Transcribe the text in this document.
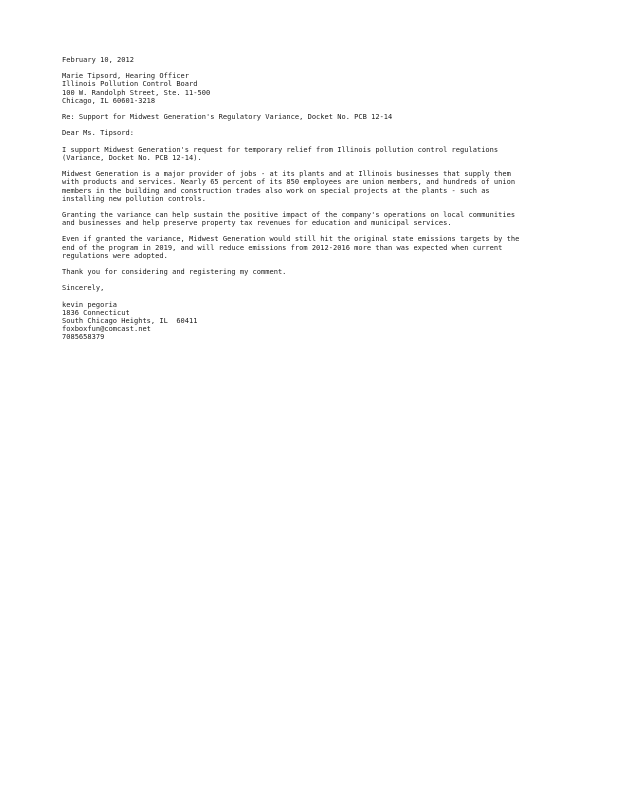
February 10, 2012
Marie Tipsord, Hearing Officer
Illinois Pollution Control Board
100 W. Randolph Street, Ste. 11-500
Chicago, IL 60601-3218
Re: Support for Midwest Generation's Regulatory Variance, Docket No. PCB 12-14
Dear Ms. Tipsord:
I support Midwest Generation's request for temporary relief from Illinois pollution control regulations
(Variance, Docket No. PCB 12-14).
Midwest Generation is a major provider of jobs - at its plants and at Illinois businesses that supply them
with products and services. Nearly 65 percent of its 850 employees are union members, and hundreds of union
members in the building and construction trades also work on special projects at the plants - such as
installing new pollution controls.
Granting the variance can help sustain the positive impact of the company's operations on local communities
and businesses and help preserve property tax revenues for education and municipal services.
Even if granted the variance, Midwest Generation would still hit the original state emissions targets by the
end of the program in 2019, and will reduce emissions from 2012-2016 more than was expected when current
regulations were adopted.
Thank you for considering and registering my comment.
Sincerely,
kevin pegoria
1836 Connecticut
South Chicago Heights, IL  60411
foxboxfun@comcast.net
7085658379
